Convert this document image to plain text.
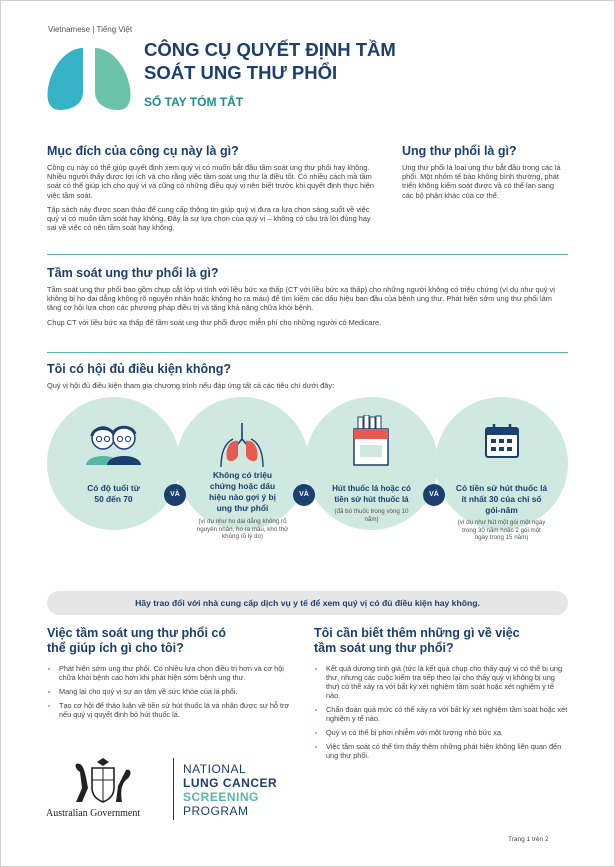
Vietnamese | Tiếng Việt
CÔNG CỤ QUYẾT ĐỊNH TẦM
SOÁT UNG THƯ PHỔI
SỔ TAY TÓM TẮT
Mục đích của công cụ này là gì?

Công cụ này có thể giúp quyết định xem quý vị có muốn bắt đầu tầm soát ung thư phổi hay không. Nhiều người thấy được lợi ích và cho rằng việc tầm soát ung thư là điều tốt. Có nhiều cách mà tầm soát có thể giúp ích cho quý vị và cũng có những điều quý vị nên biết trước khi quyết định thực hiện việc tầm soát.

Tập sách này được soạn thảo để cung cấp thông tin giúp quý vị đưa ra lựa chọn sáng suốt về việc quý vị có muốn tầm soát hay không. Đây là sự lựa chọn của quý vị – không có câu trả lời đúng hay sai về việc có nên tầm soát hay không.

Ung thư phổi là gì?
Ung thư phổi là loại ung thư bắt đầu trong các lá phổi. Một nhóm tế bào không bình thường, phát triển không kiểm soát được và có thể lan sang các bộ phận khác của cơ thể.
Tầm soát ung thư phổi là gì?

Tầm soát ung thư phổi bao gồm chụp cắt lớp vi tính với liều bức xạ thấp (CT với liều bức xạ thấp) cho những người không có triệu chứng (ví dụ như quý vị không bị ho dai dẳng không rõ nguyên nhân hoặc không ho ra máu) để tìm kiếm các dấu hiệu ban đầu của bệnh ung thư. Phát hiện sớm ung thư phổi làm tăng cơ hội lựa chọn các phương pháp điều trị và tăng khả năng chữa khỏi bệnh.

Chụp CT với liều bức xạ thấp để tầm soát ung thư phổi được miễn phí cho những người có Medicare.

Tôi có hội đủ điều kiện không?
Quý vị hội đủ điều kiện tham gia chương trình nếu đáp ứng tất cả các tiêu chí dưới đây:
Có độ tuổi từ
50 đến 70
Không có triệu
chứng hoặc dấu
hiệu nào gợi ý bị
ung thư phổi
(ví dụ như ho dai dẳng không rõ nguyên nhân, ho ra máu, khó thở không rõ lý do)
Hút thuốc lá hoặc có
tiền sử hút thuốc lá
(đã bỏ thuốc trong vòng 10 năm)
Có tiền sử hút thuốc lá
ít nhất 30 của chỉ số
gói-năm
(ví dụ như hút một gói một ngày trong 30 năm hoặc 2 gói một ngày trong 15 năm)
VÀ	VÀ	VÀ
Hãy trao đổi với nhà cung cấp dịch vụ y tế để xem quý vị có đủ điều kiện hay không.
Việc tầm soát ung thư phổi có
thể giúp ích gì cho tôi?
• Phát hiện sớm ung thư phổi. Có nhiều lựa chọn điều trị hơn và cơ hội chữa khỏi bệnh cao hơn khi phát hiện sớm bệnh ung thư.
• Mang lại cho quý vị sự an tâm về sức khỏe của lá phổi.
• Tạo cơ hội để thảo luận về tiền sử hút thuốc lá và nhận được sự hỗ trợ nếu quý vị quyết định bỏ hút thuốc lá.
Tôi cần biết thêm những gì về việc
tầm soát ung thư phổi?
• Kết quả dương tính giả (tức là kết quả chụp cho thấy quý vị có thể bị ung thư, nhưng các cuộc kiểm tra tiếp theo lại cho thấy quý vị không bị ung thư) có thể xảy ra với bất kỳ xét nghiệm tầm soát hoặc xét nghiệm y tế nào.
• Chẩn đoán quá mức có thể xảy ra với bất kỳ xét nghiệm tầm soát hoặc xét nghiệm y tế nào.
• Quý vị có thể bị phơi nhiễm với một lượng nhỏ bức xạ.
• Việc tầm soát có thể tìm thấy thêm những phát hiện không liên quan đến ung thư phổi.
Australian Government
NATIONAL
LUNG CANCER
SCREENING
PROGRAM
Trang 1 trên 2
